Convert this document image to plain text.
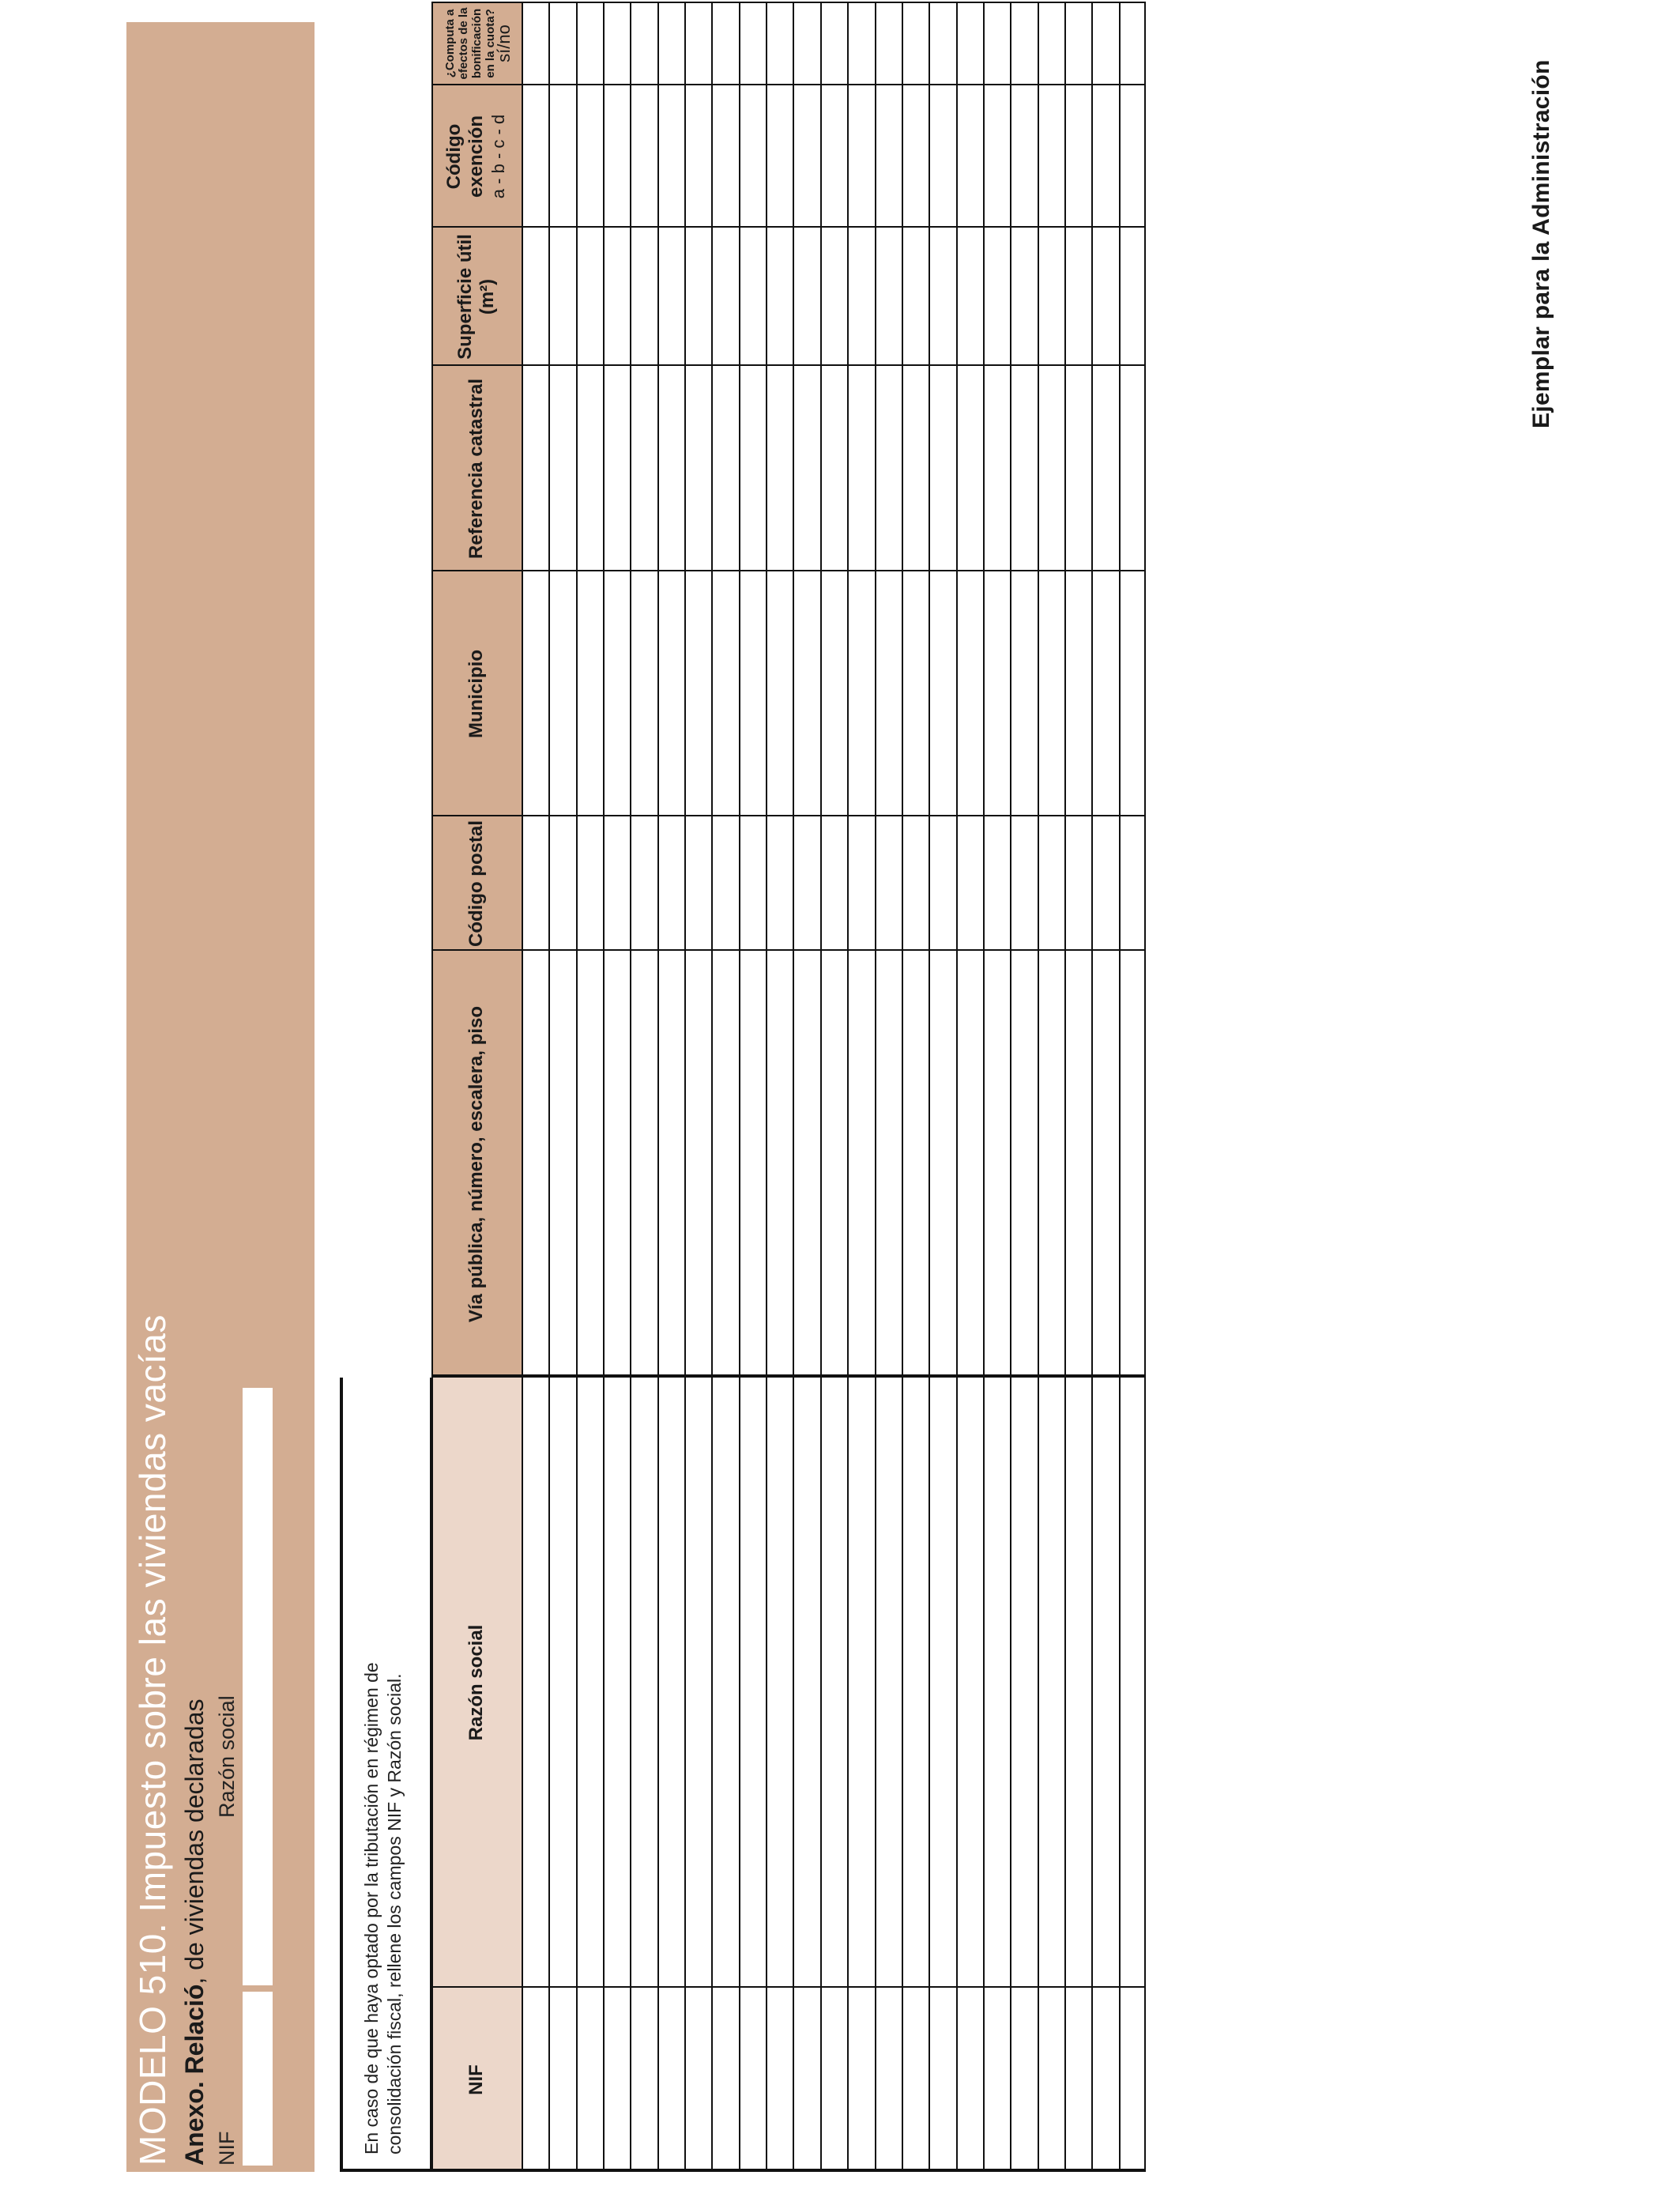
MODELO 510. Impuesto sobre las viviendas vacías Anexo. Relació, de viviendas declaradas
NIF
Razón social	En caso de que haya optado por la tributación en régimen de consolidación fiscal, rellene los campos NIF y Razón social.	NIF
Razón social
Vía pública, número, escalera, piso
Código postal
Municipio
Referencia catastral
Superficie útil (m²)
Código exención a - b - c - d
¿Computa a efectos de la bonificación en la cuota?
sí/no
Ejemplar para la Administración
